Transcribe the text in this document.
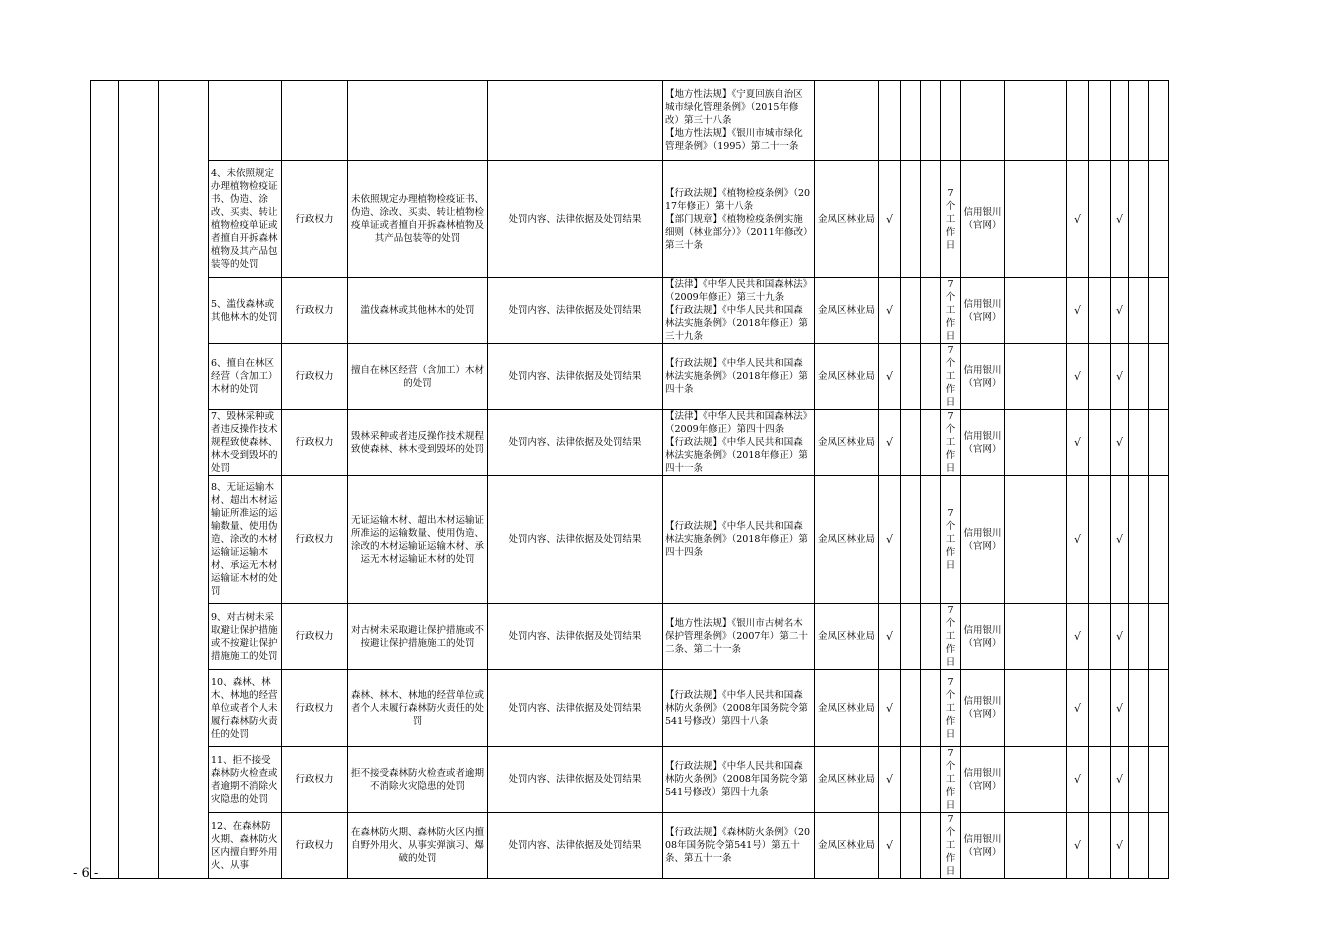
							【地方性法规】《宁夏回族自治区城市绿化管理条例》（2015年修改）第三十八条
【地方性法规】《银川市城市绿化管理条例》（1995）第二十一条												
			4、未依照规定办理植物检疫证书、伪造、涂改、买卖、转让植物检疫单证或者擅自开拆森林植物及其产品包装等的处罚	行政权力	未依照规定办理植物检疫证书、伪造、涂改、买卖、转让植物检疫单证或者擅自开拆森林植物及其产品包装等的处罚	处罚内容、法律依据及处罚结果	【行政法规】《植物检疫条例》（2017年修正）第十八条
【部门规章】《植物检疫条例实施细则（林业部分）》（2011年修改）第三十条	金凤区林业局	√			7个工作日	信用银川（官网）		√		√		
			5、滥伐森林或其他林木的处罚	行政权力	滥伐森林或其他林木的处罚	处罚内容、法律依据及处罚结果	【法律】《中华人民共和国森林法》（2009年修正）第三十九条
【行政法规】《中华人民共和国森林法实施条例》（2018年修正）第三十九条	金凤区林业局	√			7个工作日	信用银川（官网）		√		√		
			6、擅自在林区经营（含加工）木材的处罚	行政权力	擅自在林区经营（含加工）木材的处罚	处罚内容、法律依据及处罚结果	【行政法规】《中华人民共和国森林法实施条例》（2018年修正）第四十条	金凤区林业局	√			7个工作日	信用银川（官网）		√		√		
			7、毁林采种或者违反操作技术规程致使森林、林木受到毁坏的处罚	行政权力	毁林采种或者违反操作技术规程致使森林、林木受到毁坏的处罚	处罚内容、法律依据及处罚结果	【法律】《中华人民共和国森林法》（2009年修正）第四十四条
【行政法规】《中华人民共和国森林法实施条例》（2018年修正）第四十一条	金凤区林业局	√			7个工作日	信用银川（官网）		√		√		
			8、无证运输木材、超出木材运输证所准运的运输数量、使用伪造、涂改的木材运输证运输木材、承运无木材运输证木材的处罚	行政权力	无证运输木材、超出木材运输证所准运的运输数量、使用伪造、涂改的木材运输证运输木材、承运无木材运输证木材的处罚	处罚内容、法律依据及处罚结果	【行政法规】《中华人民共和国森林法实施条例》（2018年修正）第四十四条	金凤区林业局	√			7个工作日	信用银川（官网）		√		√		
			9、对古树未采取避让保护措施或不按避让保护措施施工的处罚	行政权力	对古树未采取避让保护措施或不按避让保护措施施工的处罚	处罚内容、法律依据及处罚结果	【地方性法规】《银川市古树名木保护管理条例》（2007年）第二十二条、第二十一条	金凤区林业局	√			7个工作日	信用银川（官网）		√		√		
			10、森林、林木、林地的经营单位或者个人未履行森林防火责任的处罚	行政权力	森林、林木、林地的经营单位或者个人未履行森林防火责任的处罚	处罚内容、法律依据及处罚结果	【行政法规】《中华人民共和国森林防火条例》（2008年国务院令第541号修改）第四十八条	金凤区林业局	√			7个工作日	信用银川（官网）		√		√		
			11、拒不接受森林防火检查或者逾期不消除火灾隐患的处罚	行政权力	拒不接受森林防火检查或者逾期不消除火灾隐患的处罚	处罚内容、法律依据及处罚结果	【行政法规】《中华人民共和国森林防火条例》（2008年国务院令第541号修改）第四十九条	金凤区林业局	√			7个工作日	信用银川（官网）		√		√		
			12、在森林防火期、森林防火区内擅自野外用火、从事	行政权力	在森林防火期、森林防火区内擅自野外用火、从事实弹演习、爆破的处罚	处罚内容、法律依据及处罚结果	【行政法规】《森林防火条例》（2008年国务院令第541号）第五十条、第五十一条	金凤区林业局	√			7个工作日	信用银川（官网）		√		√		
- 6 -
